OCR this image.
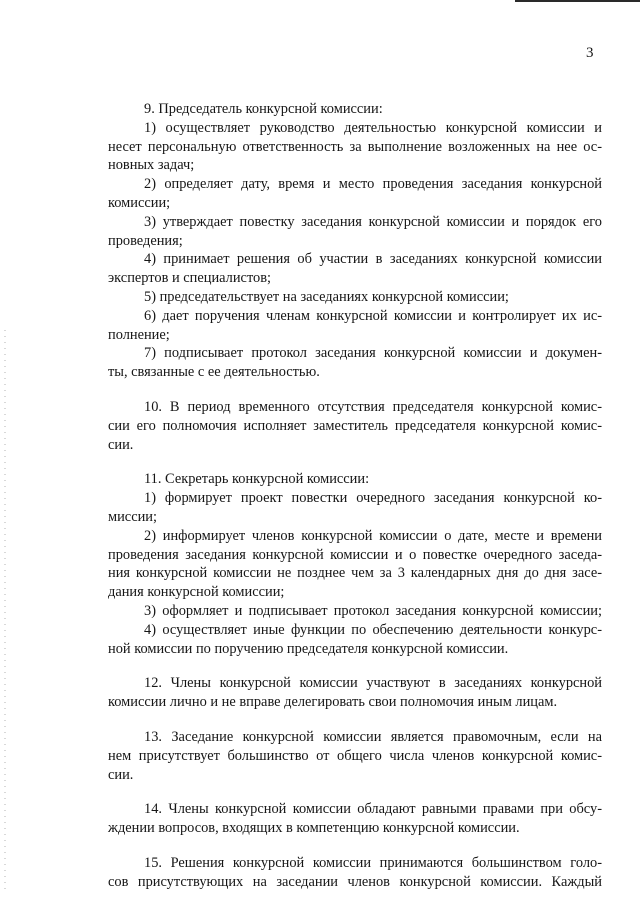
3
9. Председатель конкурсной комиссии:
1) осуществляет руководство деятельностью конкурсной комиссии и
несет персональную ответственность за выполнение возложенных на нее ос-
новных задач;
2) определяет дату, время и место проведения заседания конкурсной
комиссии;
3) утверждает повестку заседания конкурсной комиссии и порядок его
проведения;
4) принимает решения об участии в заседаниях конкурсной комиссии
экспертов и специалистов;
5) председательствует на заседаниях конкурсной комиссии;
6) дает поручения членам конкурсной комиссии и контролирует их ис-
полнение;
7) подписывает протокол заседания конкурсной комиссии и докумен-
ты, связанные с ее деятельностью.
10. В период временного отсутствия председателя конкурсной комис-
сии его полномочия исполняет заместитель председателя конкурсной комис-
сии.
11. Секретарь конкурсной комиссии:
1) формирует проект повестки очередного заседания конкурсной ко-
миссии;
2) информирует членов конкурсной комиссии о дате, месте и времени
проведения заседания конкурсной комиссии и о повестке очередного заседа-
ния конкурсной комиссии не позднее чем за 3 календарных дня до дня засе-
дания конкурсной комиссии;
3) оформляет и подписывает протокол заседания конкурсной комиссии;
4) осуществляет иные функции по обеспечению деятельности конкурс-
ной комиссии по поручению председателя конкурсной комиссии.
12. Члены конкурсной комиссии участвуют в заседаниях конкурсной
комиссии лично и не вправе делегировать свои полномочия иным лицам.
13. Заседание конкурсной комиссии является правомочным, если на
нем присутствует большинство от общего числа членов конкурсной комис-
сии.
14. Члены конкурсной комиссии обладают равными правами при обсу-
ждении вопросов, входящих в компетенцию конкурсной комиссии.
15. Решения конкурсной комиссии принимаются большинством голо-
сов присутствующих на заседании членов конкурсной комиссии. Каждый
